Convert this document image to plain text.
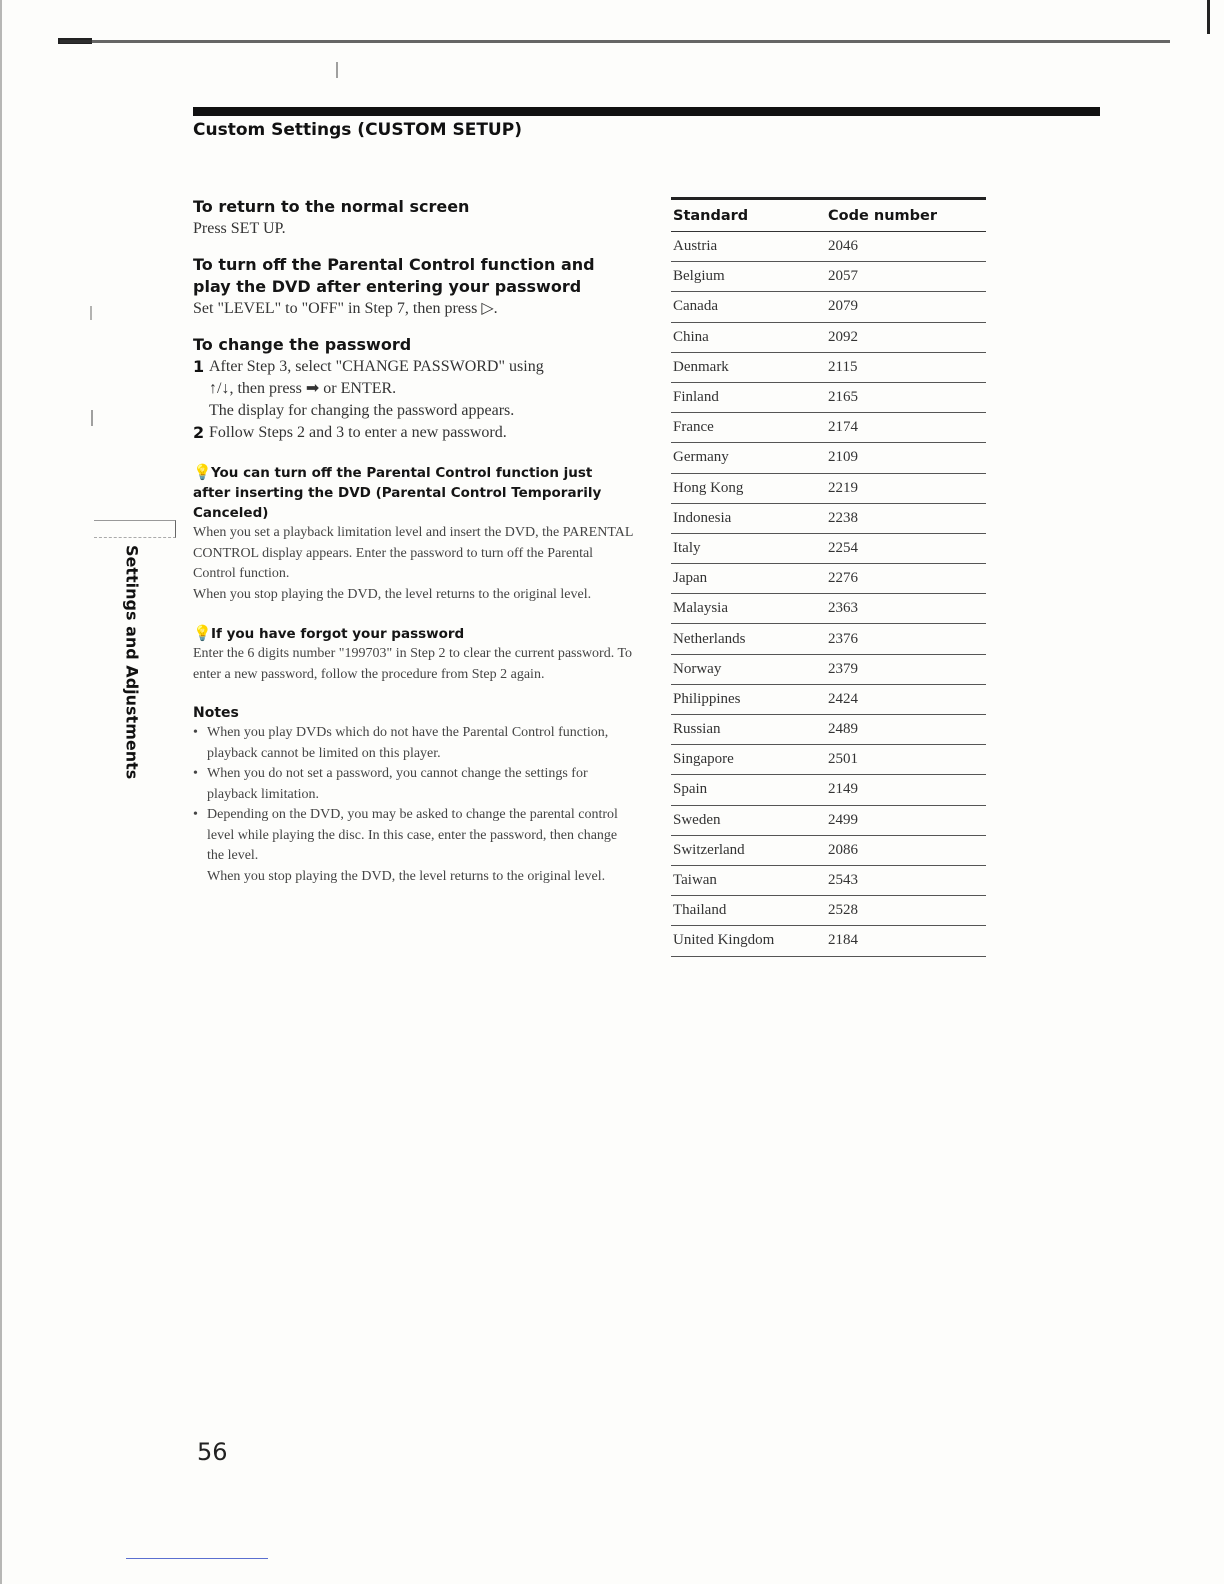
Custom Settings (CUSTOM SETUP)
Settings and Adjustments
To return to the normal screen
Press SET UP.
To turn off the Parental Control function and play the DVD after entering your password
Set "LEVEL" to "OFF" in Step 7, then press ▷.
To change the password
1 After Step 3, select "CHANGE PASSWORD" using
↑/↓, then press ➡ or ENTER.
The display for changing the password appears.
2 Follow Steps 2 and 3 to enter a new password.
💡You can turn off the Parental Control function just after inserting the DVD (Parental Control Temporarily Canceled)
When you set a playback limitation level and insert the DVD, the PARENTAL CONTROL display appears. Enter the password to turn off the Parental Control function.
When you stop playing the DVD, the level returns to the original level.
💡If you have forgot your password
Enter the 6 digits number "199703" in Step 2 to clear the current password. To enter a new password, follow the procedure from Step 2 again.
Notes
• When you play DVDs which do not have the Parental Control function, playback cannot be limited on this player.
• When you do not set a password, you cannot change the settings for playback limitation.
• Depending on the DVD, you may be asked to change the parental control level while playing the disc. In this case, enter the password, then change the level.
When you stop playing the DVD, the level returns to the original level.
Standard	Code number
Austria	2046
Belgium	2057
Canada	2079
China	2092
Denmark	2115
Finland	2165
France	2174
Germany	2109
Hong Kong	2219
Indonesia	2238
Italy	2254
Japan	2276
Malaysia	2363
Netherlands	2376
Norway	2379
Philippines	2424
Russian	2489
Singapore	2501
Spain	2149
Sweden	2499
Switzerland	2086
Taiwan	2543
Thailand	2528
United Kingdom	2184
56
